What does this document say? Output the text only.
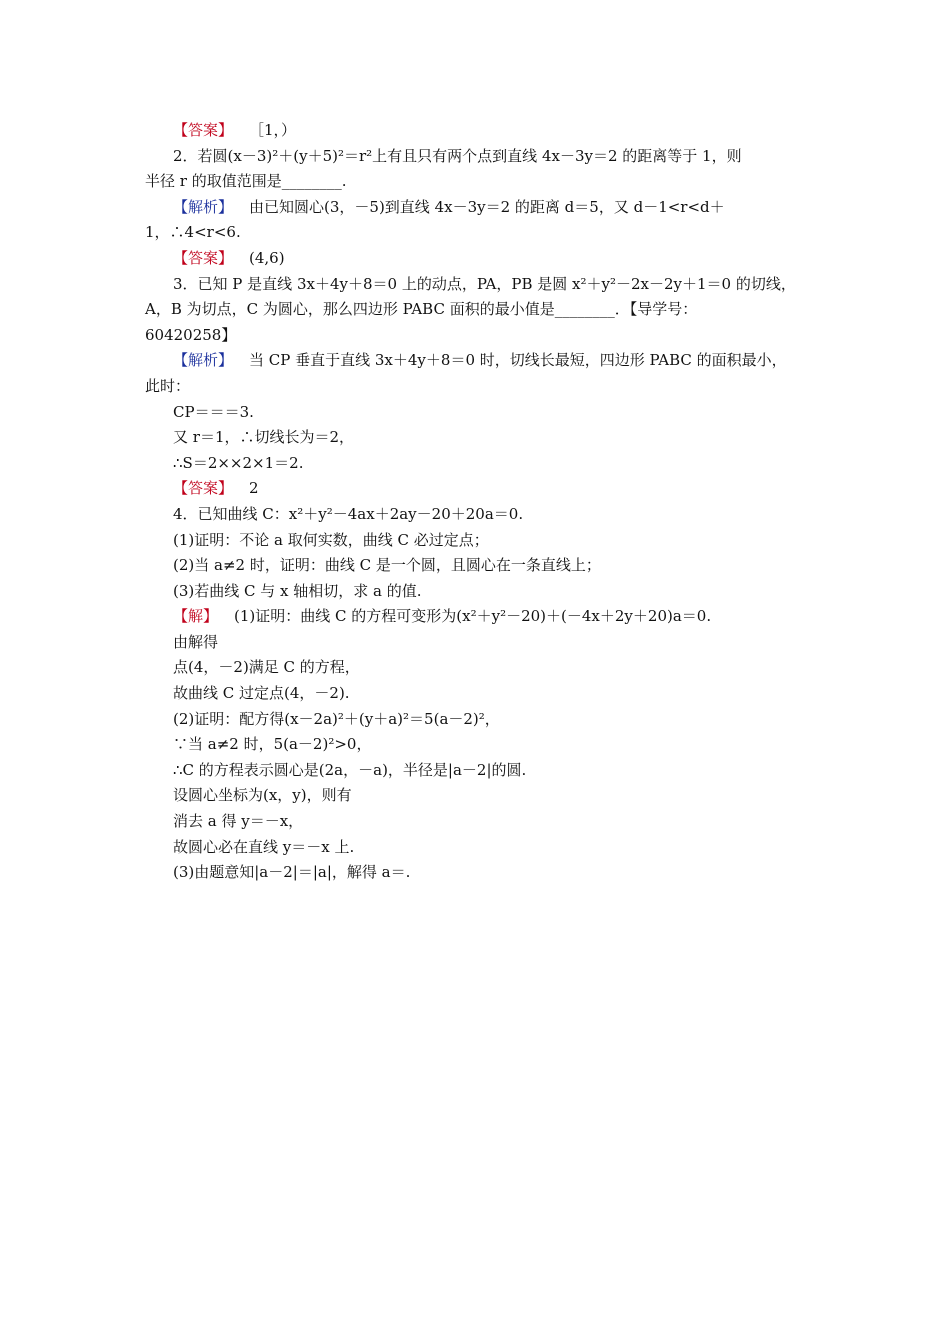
【答案】 ［1，）
2．若圆(x－3)²＋(y＋5)²＝r²上有且只有两个点到直线 4x－3y＝2 的距离等于 1，则
半径 r 的取值范围是________.
【解析】 由已知圆心(3，－5)到直线 4x－3y＝2 的距离 d＝5，又 d－1<r<d＋
1，∴4<r<6.
【答案】 (4,6)
3．已知 P 是直线 3x＋4y＋8＝0 上的动点，PA，PB 是圆 x²＋y²－2x－2y＋1＝0 的切线，
A，B 为切点，C 为圆心，那么四边形 PABC 面积的最小值是________．【导学号：
60420258】
【解析】 当 CP 垂直于直线 3x＋4y＋8＝0 时，切线长最短，四边形 PABC 的面积最小，
此时：
CP＝＝＝3.
又 r＝1，∴切线长为＝2，
∴S＝2××2×1＝2.
【答案】 2
4．已知曲线 C：x²＋y²－4ax＋2ay－20＋20a＝0.
(1)证明：不论 a 取何实数，曲线 C 必过定点；
(2)当 a≠2 时，证明：曲线 C 是一个圆，且圆心在一条直线上；
(3)若曲线 C 与 x 轴相切，求 a 的值.
【解】 (1)证明：曲线 C 的方程可变形为(x²＋y²－20)＋(－4x＋2y＋20)a＝0.
由解得
点(4，－2)满足 C 的方程，
故曲线 C 过定点(4，－2).
(2)证明：配方得(x－2a)²＋(y＋a)²＝5(a－2)²，
∵当 a≠2 时，5(a－2)²>0，
∴C 的方程表示圆心是(2a，－a)，半径是|a－2|的圆.
设圆心坐标为(x，y)，则有
消去 a 得 y＝－x，
故圆心必在直线 y＝－x 上.
(3)由题意知|a－2|＝|a|，解得 a＝.
